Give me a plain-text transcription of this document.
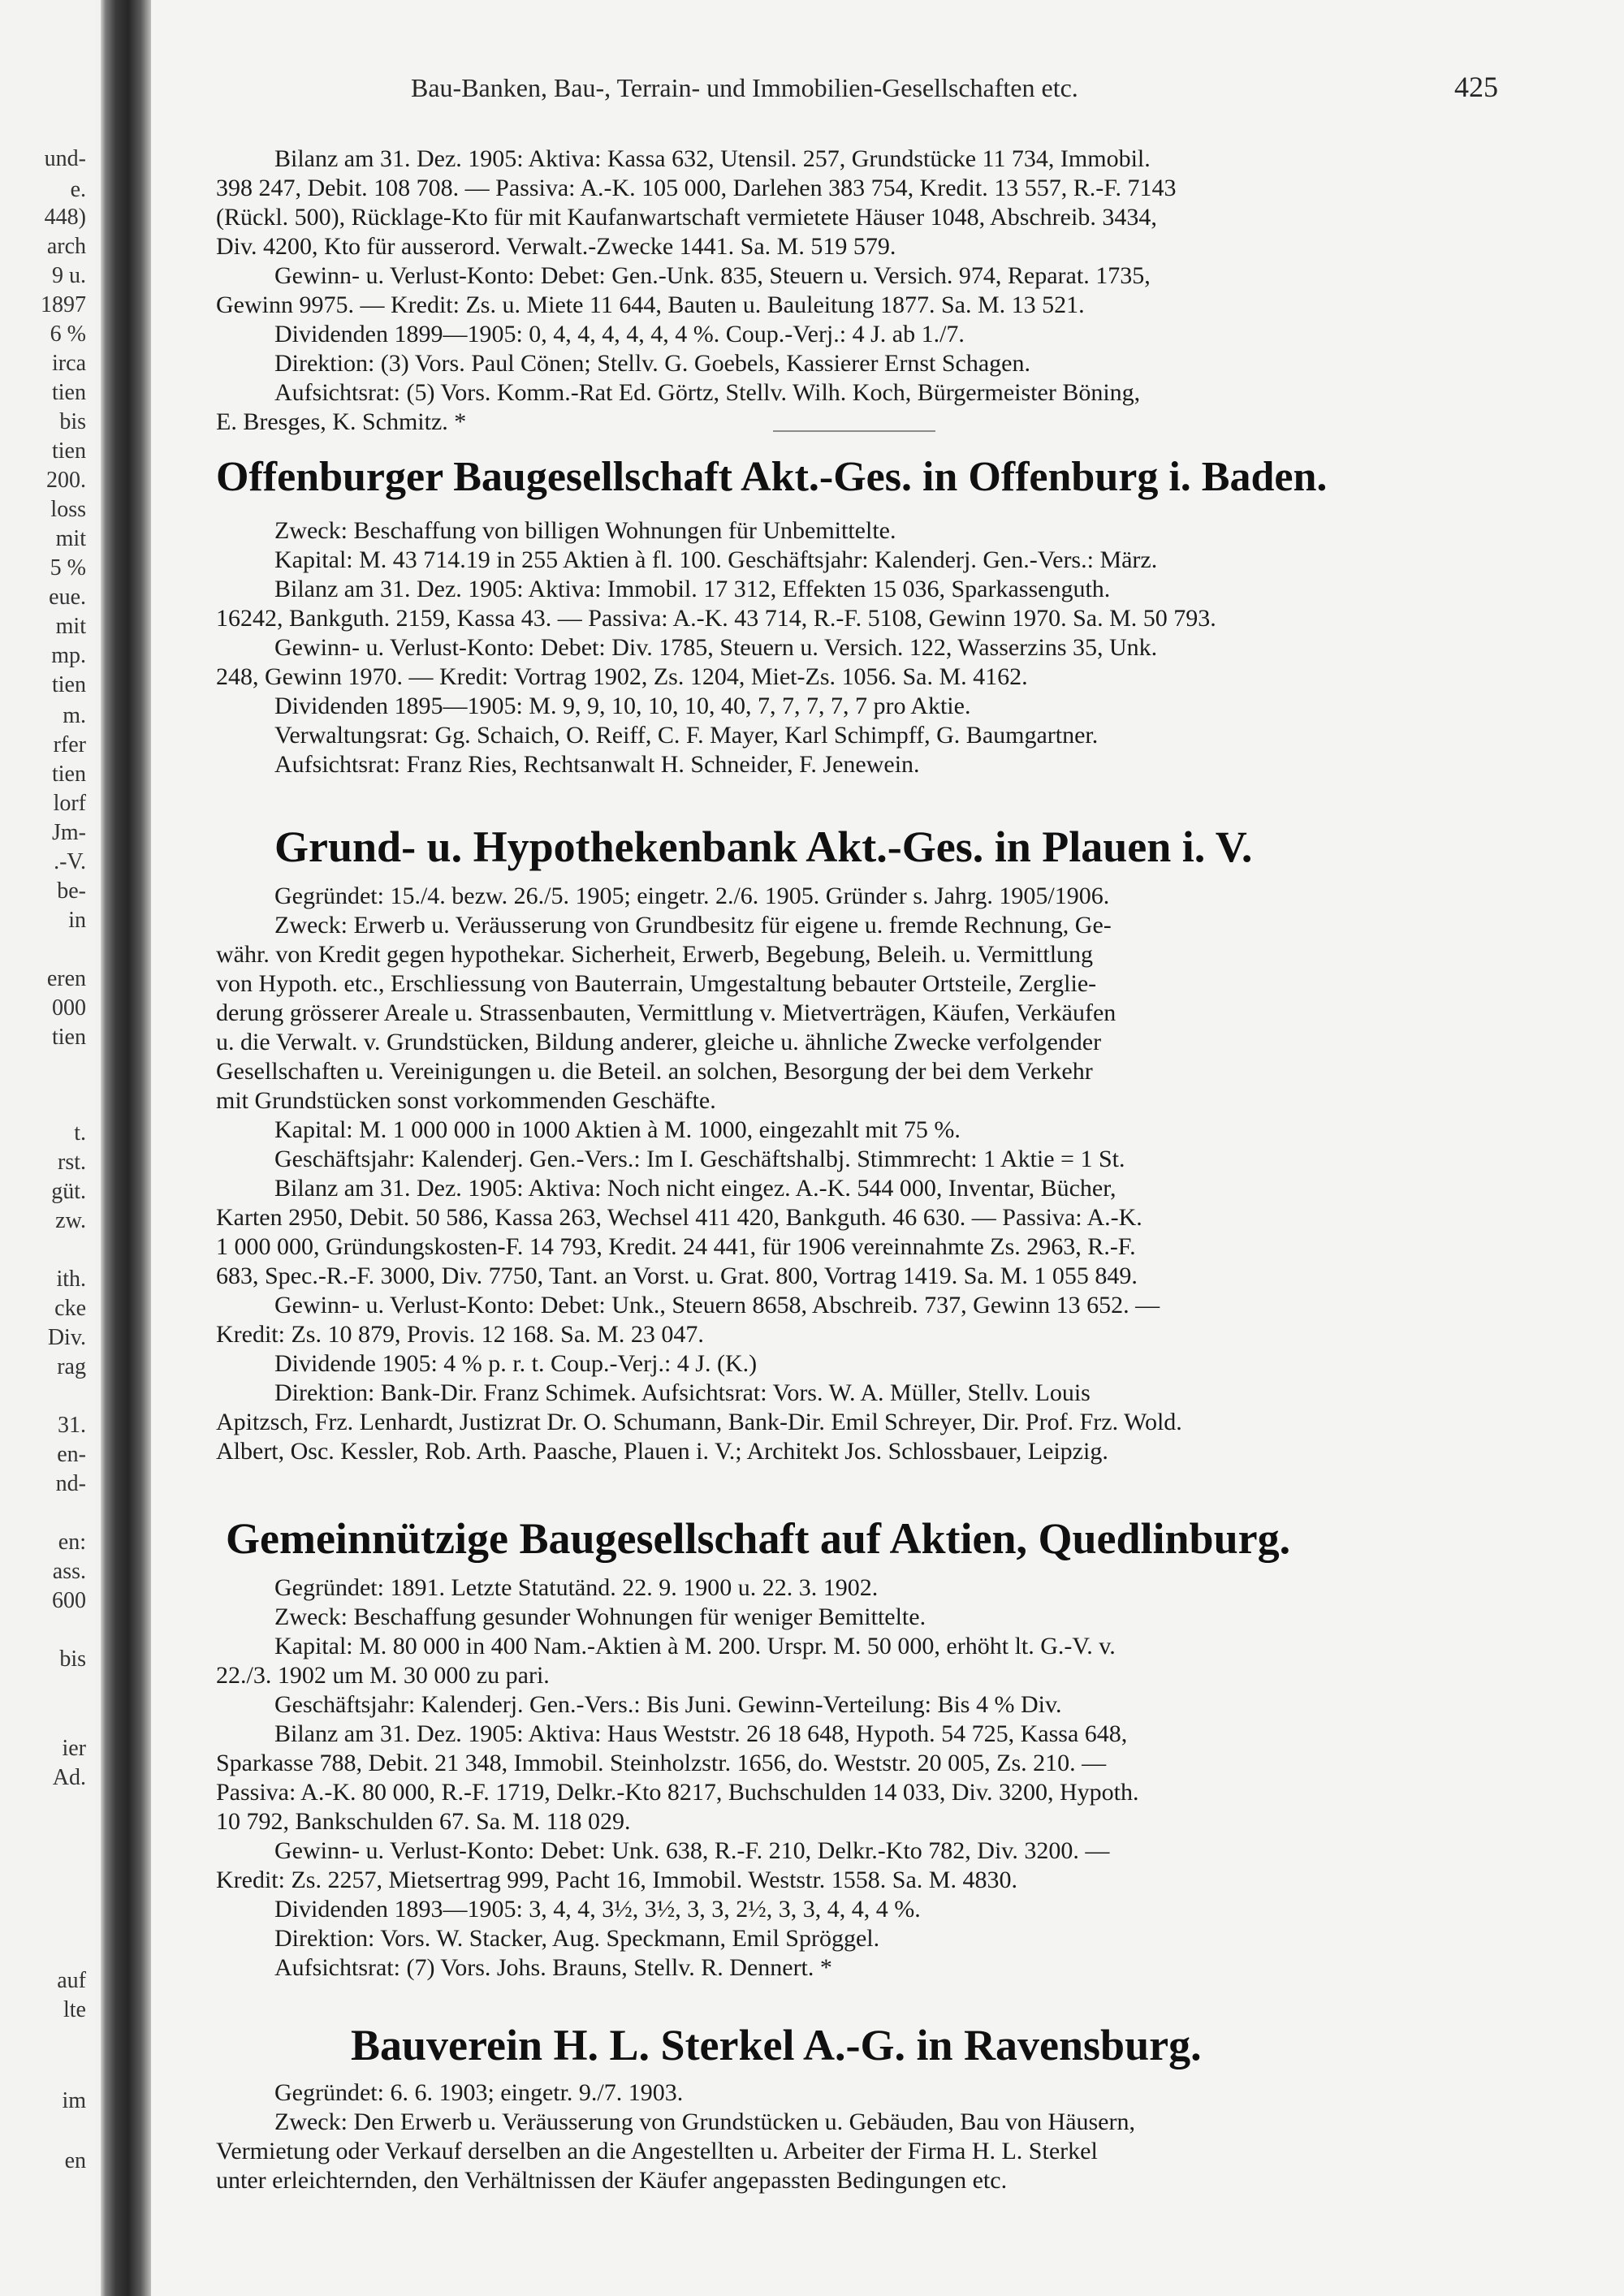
und-
e.
448)
arch
9 u.
1897
6 %
irca
tien
bis
tien
200.
loss
mit
5 %
eue.
mit
mp.
tien
m.
rfer
tien
lorf
Jm-
.-V.
be-
in
eren
000
tien
t.
rst.
güt.
zw.
ith.
cke
Div.
rag
31.
en-
nd-
en:
ass.
600
bis
ier
Ad.
auf
lte
im
en
Bau-Banken, Bau-, Terrain- und Immobilien-Gesellschaften etc.	425
Bilanz am 31. Dez. 1905: Aktiva: Kassa 632, Utensil. 257, Grundstücke 11 734, Immobil.
398 247, Debit. 108 708. — Passiva: A.-K. 105 000, Darlehen 383 754, Kredit. 13 557, R.-F. 7143
(Rückl. 500), Rücklage-Kto für mit Kaufanwartschaft vermietete Häuser 1048, Abschreib. 3434,
Div. 4200, Kto für ausserord. Verwalt.-Zwecke 1441. Sa. M. 519 579.
Gewinn- u. Verlust-Konto: Debet: Gen.-Unk. 835, Steuern u. Versich. 974, Reparat. 1735,
Gewinn 9975. — Kredit: Zs. u. Miete 11 644, Bauten u. Bauleitung 1877. Sa. M. 13 521.
Dividenden 1899—1905: 0, 4, 4, 4, 4, 4, 4 %. Coup.-Verj.: 4 J. ab 1./7.
Direktion: (3) Vors. Paul Cönen; Stellv. G. Goebels, Kassierer Ernst Schagen.
Aufsichtsrat: (5) Vors. Komm.-Rat Ed. Görtz, Stellv. Wilh. Koch, Bürgermeister Böning,
E. Bresges, K. Schmitz. *
Offenburger Baugesellschaft Akt.-Ges. in Offenburg i. Baden.
Zweck: Beschaffung von billigen Wohnungen für Unbemittelte.
Kapital: M. 43 714.19 in 255 Aktien à fl. 100. Geschäftsjahr: Kalenderj. Gen.-Vers.: März.
Bilanz am 31. Dez. 1905: Aktiva: Immobil. 17 312, Effekten 15 036, Sparkassenguth.
16242, Bankguth. 2159, Kassa 43. — Passiva: A.-K. 43 714, R.-F. 5108, Gewinn 1970. Sa. M. 50 793.
Gewinn- u. Verlust-Konto: Debet: Div. 1785, Steuern u. Versich. 122, Wasserzins 35, Unk.
248, Gewinn 1970. — Kredit: Vortrag 1902, Zs. 1204, Miet-Zs. 1056. Sa. M. 4162.
Dividenden 1895—1905: M. 9, 9, 10, 10, 10, 40, 7, 7, 7, 7, 7 pro Aktie.
Verwaltungsrat: Gg. Schaich, O. Reiff, C. F. Mayer, Karl Schimpff, G. Baumgartner.
Aufsichtsrat: Franz Ries, Rechtsanwalt H. Schneider, F. Jenewein.
Grund- u. Hypothekenbank Akt.-Ges. in Plauen i. V.
Gegründet: 15./4. bezw. 26./5. 1905; eingetr. 2./6. 1905. Gründer s. Jahrg. 1905/1906.
Zweck: Erwerb u. Veräusserung von Grundbesitz für eigene u. fremde Rechnung, Ge-
währ. von Kredit gegen hypothekar. Sicherheit, Erwerb, Begebung, Beleih. u. Vermittlung
von Hypoth. etc., Erschliessung von Bauterrain, Umgestaltung bebauter Ortsteile, Zerglie-
derung grösserer Areale u. Strassenbauten, Vermittlung v. Mietverträgen, Käufen, Verkäufen
u. die Verwalt. v. Grundstücken, Bildung anderer, gleiche u. ähnliche Zwecke verfolgender
Gesellschaften u. Vereinigungen u. die Beteil. an solchen, Besorgung der bei dem Verkehr
mit Grundstücken sonst vorkommenden Geschäfte.
Kapital: M. 1 000 000 in 1000 Aktien à M. 1000, eingezahlt mit 75 %.
Geschäftsjahr: Kalenderj. Gen.-Vers.: Im I. Geschäftshalbj. Stimmrecht: 1 Aktie = 1 St.
Bilanz am 31. Dez. 1905: Aktiva: Noch nicht eingez. A.-K. 544 000, Inventar, Bücher,
Karten 2950, Debit. 50 586, Kassa 263, Wechsel 411 420, Bankguth. 46 630. — Passiva: A.-K.
1 000 000, Gründungskosten-F. 14 793, Kredit. 24 441, für 1906 vereinnahmte Zs. 2963, R.-F.
683, Spec.-R.-F. 3000, Div. 7750, Tant. an Vorst. u. Grat. 800, Vortrag 1419. Sa. M. 1 055 849.
Gewinn- u. Verlust-Konto: Debet: Unk., Steuern 8658, Abschreib. 737, Gewinn 13 652. —
Kredit: Zs. 10 879, Provis. 12 168. Sa. M. 23 047.
Dividende 1905: 4 % p. r. t. Coup.-Verj.: 4 J. (K.)
Direktion: Bank-Dir. Franz Schimek. Aufsichtsrat: Vors. W. A. Müller, Stellv. Louis
Apitzsch, Frz. Lenhardt, Justizrat Dr. O. Schumann, Bank-Dir. Emil Schreyer, Dir. Prof. Frz. Wold.
Albert, Osc. Kessler, Rob. Arth. Paasche, Plauen i. V.; Architekt Jos. Schlossbauer, Leipzig.
Gemeinnützige Baugesellschaft auf Aktien, Quedlinburg.
Gegründet: 1891. Letzte Statutänd. 22. 9. 1900 u. 22. 3. 1902.
Zweck: Beschaffung gesunder Wohnungen für weniger Bemittelte.
Kapital: M. 80 000 in 400 Nam.-Aktien à M. 200. Urspr. M. 50 000, erhöht lt. G.-V. v.
22./3. 1902 um M. 30 000 zu pari.
Geschäftsjahr: Kalenderj. Gen.-Vers.: Bis Juni. Gewinn-Verteilung: Bis 4 % Div.
Bilanz am 31. Dez. 1905: Aktiva: Haus Weststr. 26 18 648, Hypoth. 54 725, Kassa 648,
Sparkasse 788, Debit. 21 348, Immobil. Steinholzstr. 1656, do. Weststr. 20 005, Zs. 210. —
Passiva: A.-K. 80 000, R.-F. 1719, Delkr.-Kto 8217, Buchschulden 14 033, Div. 3200, Hypoth.
10 792, Bankschulden 67. Sa. M. 118 029.
Gewinn- u. Verlust-Konto: Debet: Unk. 638, R.-F. 210, Delkr.-Kto 782, Div. 3200. —
Kredit: Zs. 2257, Mietsertrag 999, Pacht 16, Immobil. Weststr. 1558. Sa. M. 4830.
Dividenden 1893—1905: 3, 4, 4, 3½, 3½, 3, 3, 2½, 3, 3, 4, 4, 4 %.
Direktion: Vors. W. Stacker, Aug. Speckmann, Emil Spröggel.
Aufsichtsrat: (7) Vors. Johs. Brauns, Stellv. R. Dennert. *
Bauverein H. L. Sterkel A.-G. in Ravensburg.
Gegründet: 6. 6. 1903; eingetr. 9./7. 1903.
Zweck: Den Erwerb u. Veräusserung von Grundstücken u. Gebäuden, Bau von Häusern,
Vermietung oder Verkauf derselben an die Angestellten u. Arbeiter der Firma H. L. Sterkel
unter erleichternden, den Verhältnissen der Käufer angepassten Bedingungen etc.
